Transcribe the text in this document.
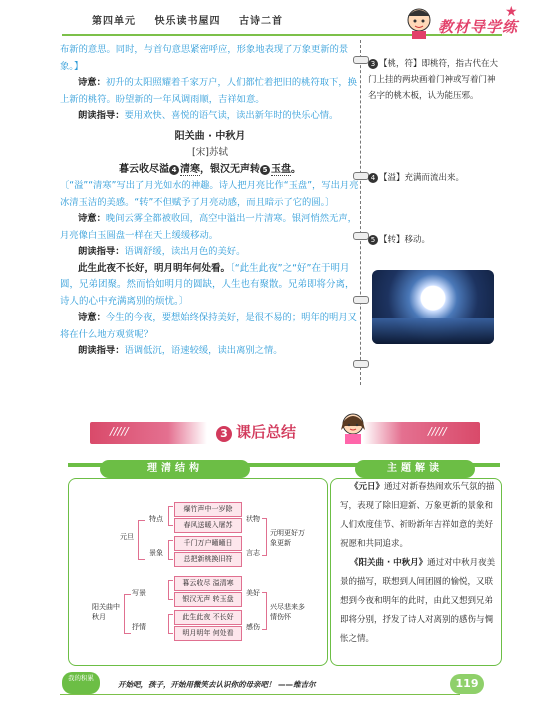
第四单元 快乐读书屋四 古诗二首	教材导学练
★

布新的意思。同时，与首句意思紧密呼应，形象地表现了万象更新的景象。】

诗意：初升的太阳照耀着千家万户，人们都忙着把旧的桃符取下，换上新的桃符。盼望新的一年风调雨顺，吉祥如意。

朗读指导：要用欢快、喜悦的语气读，读出新年时的快乐心情。

阳关曲 · 中秋月

[宋]苏轼

暮云收尽溢 4 清寒，银汉无声转 5 玉盘。

〔“溢”“清寒”写出了月光如水的神趣。诗人把月亮比作“玉盘”，写出月亮冰清玉洁的美感。“转”不但赋予了月亮动感，而且暗示了它的圆。〕

诗意：晚间云雾全都被收回，高空中溢出一片清寒。银河悄然无声，月亮像白玉圆盘一样在天上缓缓移动。

朗读指导：语调舒缓，读出月色的美好。

此生此夜不长好，明月明年何处看。〔“此生此夜”之“好”在于明月圆，兄弟团聚。然而恰如明月的圆缺，人生也有聚散。兄弟即将分离，诗人的心中充满离别的烦忧。〕

诗意：今生的今夜，要想始终保持美好，是很不易的；明年的明月又将在什么地方观赏呢？

朗读指导：语调低沉，语速较缓，读出离别之情。

3 【桃，符】即桃符，指古代在大门上挂的两块画着门神或写着门神名字的桃木板，认为能压邪。
4 【溢】充满而流出来。
5 【转】移动。
/////	/////
3 课后总结
理清结构	主题解读
元旦
特点
景象
爆竹声中一岁除
春风送暖入屠苏
千门万户曈曈日
总把新桃换旧符
状物
言志
元明更好万象更新
阳关曲中秋月
写景
抒情
暮云收尽 溢清寒
银汉无声 转玉盘
此生此夜 不长好
明月明年 何处看
美好
感伤
兴尽悲来多情伤怀

《元日》通过对新春热闹欢乐气氛的描写，表现了除旧迎新、万象更新的景象和人们欢度佳节、祈盼新年吉祥如意的美好祝愿和共同追求。

《阳关曲 · 中秋月》通过对中秋月夜美景的描写，联想到人间团圆的愉悦，又联想到今夜和明年的此时，由此又想到兄弟即将分别，抒发了诗人对离别的感伤与惆怅之情。

我的积累
开始吧，孩子，开始用微笑去认识你的母亲吧！ ——维吉尔	119
